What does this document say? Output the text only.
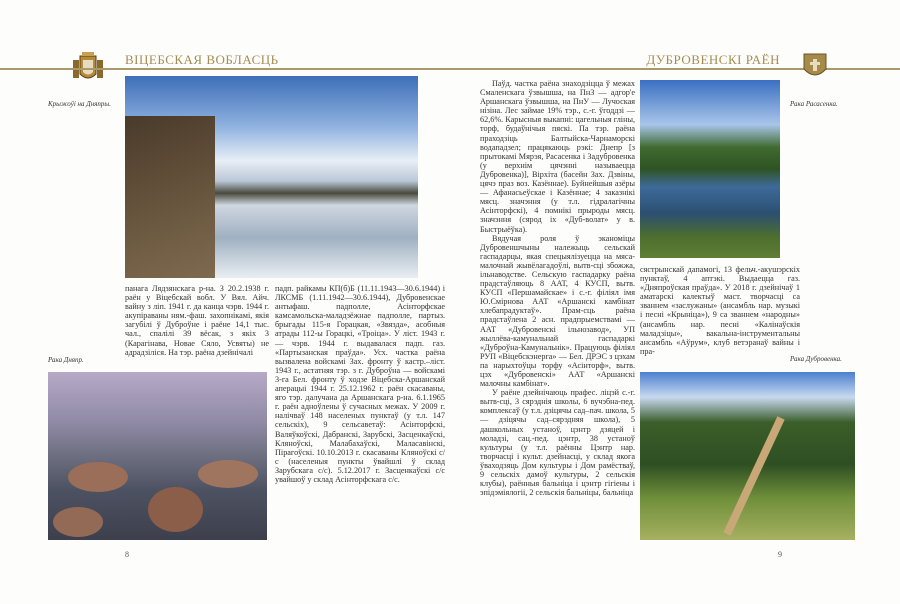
ВІЦЕБСКАЯ ВОБЛАСЦЬ
Крыжоўі на Дняпры.

панага Лядзянскага р-на. З 20.2.1938 г. раён у Віцебскай вобл. У Вял. Айч. вайну з ліп. 1941 г. да канца чэрв. 1944 г. акупіраваны ням.-фаш. захопнікамі, якія загубілі ў Дуброўне і раёне 14,1 тыс. чал., спалілі 39 вёсак, з якіх 3 (Карагінава, Новае Сяло, Усвяты) не адрадзіліся. На тэр. раёна дзейнічалі

падп. райкамы КП(б)Б (11.11.1943—30.6.1944) і ЛКСМБ (1.11.1942—30.6.1944), Дубровенскае антыфаш. падполле, Асінторфскае камсамольска-маладзёжнае падполле, партыз. брыгады 115-я Горацкая, «Звязда», асобныя атрады 112-ы Горацкі, «Троіца». У ліст. 1943 г. — чэрв. 1944 г. выдавалася падп. газ. «Партызанская праўда». Усх. частка раёна вызвалена войскамі Зах. фронту ў кастр.–ліст. 1943 г., астатняя тэр. з г. Дуброўна — войскамі 3-га Бел. фронту ў ходзе Віцебска-Аршанскай аперацыі 1944 г. 25.12.1962 г. раён скасаваны, яго тэр. далучана да Аршанскага р-на. 6.1.1965 г. раён адноўлены ў сучасных межах. У 2009 г. налічваў 148 населеных пунктаў (у т.л. 147 сельскіх), 9 сельсаветаў: Асінторфскі, Валяўкоўскі, Дабранскі, Зарубскі, Засценкаўскі, Кляноўскі, Малабахаўскі, Маласавінскі, Пірагоўскі. 10.10.2013 г. скасаваны Кляноўскі с/с (населеныя пункты ўвайшлі ў склад Зарубскага с/с). 5.12.2017 г. Засценкаўскі с/с увайшоў у склад Асінторфскага с/с.

Рака Дняпр.
8
ДУБРОВЕНСКІ РАЁН

Паўд. частка раёна знаходзіцца ў межах Смаленскага ўзвышша, на ПнЗ — адгор'е Аршанскага ўзвышша, на ПнУ — Лучоская нізіна. Лес займае 19% тэр., с.-г. ўгоддзі — 62,6%. Карысныя выкапні: цагельныя гліны, торф, будаўнічыя пяскі. Па тэр. раёна праходзіць Балтыйска-Чарнаморскі водападзел; працякаюць рэкі: Днепр [з прытокамі Мярэя, Расасенка і Задубровенка (у верхнім цячэнні называецца Дубровенка)], Вірхіта (басейн Зах. Дзвіны, цячэ праз воз. Казённае). Буйнейшыя азёры — Афанасьеўскае і Казённае; 4 заказнікі мясц. значэння (у т.л. гідралагічны Асінторфскі), 4 помнікі прыроды мясц. значэння (сярод іх «Дуб-волат» у в. Быстрыёўка).

Вядучая роля ў эканоміцы Дубровеншчыны належыць сельскай гаспадарцы, якая спецыялізуецца на мяса-малочнай жывёлагадоўлі, вытв-сці збожжа, ільнаводстве. Сельскую гаспадарку раёна прадстаўляюць 8 ААТ, 4 КУСП, вытв. КУСП «Першамайскае» і с.-г. філіял імя Ю.Смірнова ААТ «Аршанскі камбінат хлебапрадуктаў». Прам-сць раёна прадстаўлена 2 асн. прадпрыемствамі — ААТ «Дубровенскі ільнозавод», УП жыллёва-камунальнай гаспадаркі «Дуброўна-Камунальнік». Працуюць філіял РУП «Віцебскэнерга» — Бел. ДРЭС з цэхам па нарыхтоўцы торфу «Асінторф», вытв. цэх «Дубровенскі» ААТ «Аршанскі малочны камбінат».

У раёне дзейнічаюць прафес. ліцэй с.-г. вытв-сці, 3 сярэднія школы, 6 вучэбна-пед. комплексаў (у т.л. дзіцячы сад–пач. школа, 5 — дзіцячы сад–сярэдняя школа), 5 дашкольных устаноў, цэнтр дзяцей і моладзі, сац.-пед. цэнтр, 38 устаноў культуры (у т.л. раённы Цэнтр нар. творчасці і культ. дзейнасці, у склад якога ўваходзяць Дом культуры і Дом рамёстваў, 9 сельскіх дамоў культуры, 2 сельскія клубы), раённыя бальніца і цэнтр гігіены і эпідэміялогіі, 2 сельскія бальніцы, бальніца

Рака Расасенка.

сястрынскай дапамогі, 13 фельч.-акушэрскіх пунктаў, 4 аптэкі. Выдаецца газ. «Дняпроўская праўда». У 2018 г. дзейнічаў 1 аматарскі калектыў маст. творчасці са званнем «заслужаны» (ансамбль нар. музыкі і песні «Крыніца»), 9 са званнем «народны» (ансамбль нар. песні «Калінаўскія маладзіцы», вакальна-інструментальны ансамбль «Аўрум», клуб ветэранаў вайны і пра-

Рака Дубровенка.
9
